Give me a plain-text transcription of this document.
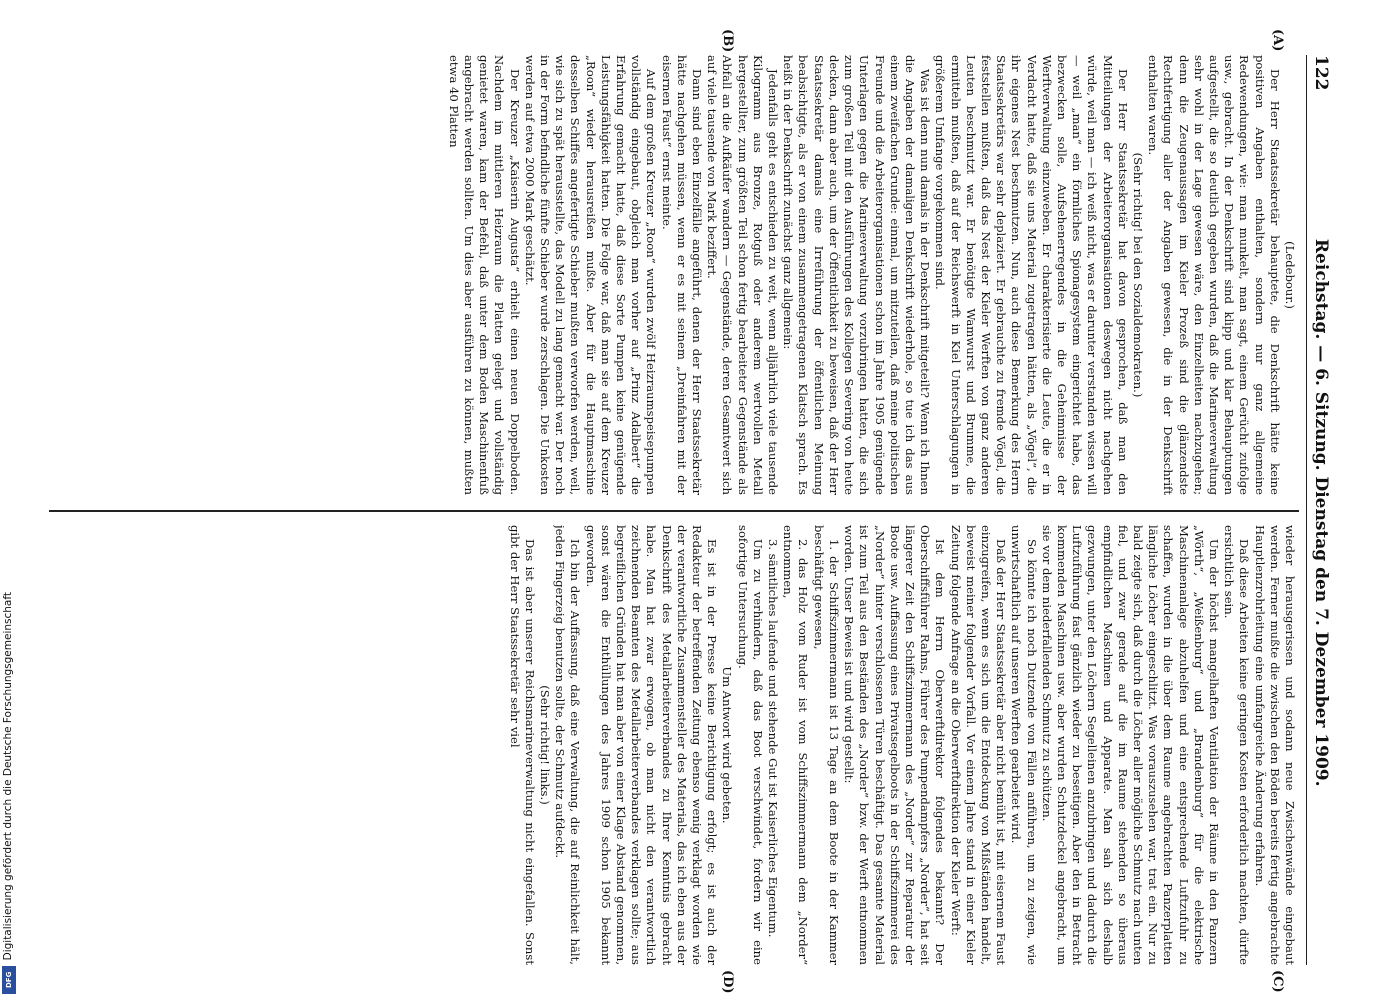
122
Reichstag. — 6. Sitzung. Dienstag den 7. Dezember 1909.

(Ledebour.)

Der Herr Staatssekretär behauptete, die Denkschrift hätte keine positiven Angaben enthalten, sondern nur ganz allgemeine Redewendungen, wie: man munkelt, man sagt, einem Gerücht zufolge usw., gebracht. In der Denkschrift sind klipp und klar Behauptungen aufgestellt, die so deutlich gegeben wurden, daß die Marineverwaltung sehr wohl in der Lage gewesen wäre, den Einzelheiten nachzugehen; denn die Zeugenaussagen im Kieler Prozeß sind die glänzendste Rechtfertigung aller der Angaben gewesen, die in der Denkschrift enthalten waren.

(Sehr richtig! bei den Sozialdemokraten.)

Der Herr Staatssekretär hat davon gesprochen, daß man den Mitteilungen der Arbeiterorganisationen deswegen nicht nachgehen würde, weil man — ich weiß nicht, was er darunter verstanden wissen will — weil „man“ ein förmliches Spionagesystem eingerichtet habe, das bezwecken solle, Aufsehenerregendes in die Geheimnisse der Werftverwaltung einzuweben. Er charakterisierte die Leute, die er in Verdacht hatte, daß sie uns Material zugetragen hätten, als „Vögel“, die ihr eigenes Nest beschmutzen. Nun, auch diese Bemerkung des Herrn Staatssekretärs war sehr deplaziert. Er gebrauchte zu fremde Vögel, die feststellen mußten, daß das Nest der Kieler Werften von ganz anderen Leuten beschmutzt war. Er benötigte Wamwurst und Brumme, die ermitteln mußten, daß auf der Reichswerft in Kiel Unterschlagungen in größerem Umfange vorgekommen sind.

Was ist denn nun damals in der Denkschrift mitgeteilt? Wenn ich Ihnen die Angaben der damaligen Denkschrift wiederhole, so tue ich das aus einem zweifachen Grunde: einmal, um mitzuteilen, daß meine politischen Freunde und die Arbeiterorganisationen schon im Jahre 1905 genügende Unterlagen gegen die Marineverwaltung vorzubringen hatten, die sich zum großen Teil mit den Ausführungen des Kollegen Severing von heute decken, dann aber auch, um der Öffentlichkeit zu beweisen, daß der Herr Staatssekretär damals eine Irreführung der öffentlichen Meinung beabsichtigte, als er von einem zusammengetragenen Klatsch sprach. Es heißt in der Denkschrift zunächst ganz allgemein:

Jedenfalls geht es entschieden zu weit, wenn alljährlich viele tausende Kilogramm aus Bronze, Rotguß oder anderem wertvollen Metall hergestellter, zum größten Teil schon fertig bearbeiteter Gegenstände als Abfall an die Aufkäufer wandern — Gegenstände, deren Gesamtwert sich auf viele tausende von Mark beziffert.

Dann sind eben Einzelfälle angeführt, denen der Herr Staatssekretär hätte nachgehen müssen, wenn er es mit seinem „Dreinfahren mit der eisernen Faust“ ernst meinte.

Auf dem großen Kreuzer „Roon“ wurden zwölf Heizraumspeisepumpen vollständig eingebaut, obgleich man vorher auf „Prinz Adalbert“ die Erfahrung gemacht hatte, daß diese Sorte Pumpen keine genügende Leistungsfähigkeit hatten. Die Folge war, daß man sie auf dem Kreuzer „Roon“ wieder herausreißen mußte. Aber für die Hauptmaschine desselben Schiffes angefertigte Schieber mußten verworfen werden, weil, wie sich zu spät herausstellte, das Modell zu lang gemacht war. Der noch in der Form befindliche fünfte Schieber wurde zerschlagen. Die Unkosten werden auf etwa 2000 Mark geschätzt.

Der Kreuzer „Kaiserin Augusta“ erhielt einen neuen Doppelboden. Nachdem im mittleren Heizraum die Platten gelegt und vollständig genietet waren, kam der Befehl, daß unter dem Boden Maschinenfuß angebracht werden sollten. Um dies aber ausführen zu können, mußten etwa 40 Platten

wieder herausgerissen und sodann neue Zwischenwände eingebaut werden. Ferner mußte die zwischen den Böden bereits fertig angebrachte Hauptlenzrohrleitung eine umfangreiche Änderung erfahren.

Daß diese Arbeiten keine geringen Kosten erforderlich machten, dürfte ersichtlich sein.

Um der höchst mangelhaften Ventilation der Räume in den Panzern „Wörth“, „Weißenburg“ und „Brandenburg“ für die elektrische Maschinenanlage abzuhelfen und eine entsprechende Luftzufuhr zu schaffen, wurden in die über dem Raume angebrachten Panzerplatten längliche Löcher eingeschlitzt. Was vorauszusehen war, trat ein. Nur zu bald zeigte sich, daß durch die Löcher aller mögliche Schmutz nach unten fiel, und zwar gerade auf die im Raume stehenden so überaus empfindlichen Maschinen und Apparate. Man sah sich deshalb gezwungen, unter den Löchern Segelleinen anzubringen und dadurch die Luftzuführung fast gänzlich wieder zu beseitigen. Aber den in Betracht kommenden Maschinen usw. aber wurden Schutzdeckel angebracht, um sie vor dem niederfallenden Schmutz zu schützen.

So könnte ich noch Dutzende von Fällen anführen, um zu zeigen, wie unwirtschaftlich auf unseren Werften gearbeitet wird.

Daß der Herr Staatssekretär aber nicht bemüht ist, mit eisernem Faust einzugreifen, wenn es sich um die Entdeckung von Mißständen handelt, beweist meiner folgender Vorfall. Vor einem Jahre stand in einer Kieler Zeitung folgende Anfrage an die Oberwerftdirektion der Kieler Werft:

Ist dem Herrn Oberwerftdirektor folgendes bekannt? Der Oberschiffsführer Rahns, Führer des Pumpendampfers „Norder“, hat seit längerer Zeit den Schiffszimmermann des „Norder“ zur Reparatur der Boote usw. Auffassung eines Privatsegelboots in der Schiffszimmerei des „Norder“ hinter verschlossenen Türen beschäftigt. Das gesamte Material ist zum Teil aus den Beständen des „Norder“ bzw. der Werft entnommen worden. Unser Beweis ist und wird gestellt:

1. der Schiffszimmermann ist 13 Tage an dem Boote in der Kammer beschäftigt gewesen,

2. das Holz vom Ruder ist vom Schiffszimmermann dem „Norder“ entnommen,

3. sämtliches laufende und stehende Gut ist Kaiserliches Eigentum.

Um zu verhindern, daß das Boot verschwindet, fordern wir eine sofortige Untersuchung.

Um Antwort wird gebeten.

Es ist in der Presse keine Berichtigung erfolgt; es ist auch der Redakteur der betreffenden Zeitung ebenso wenig verklagt worden wie der verantwortliche Zusammensteller des Materials, das ich eben aus der Denkschrift des Metallarbeiterverbandes zu Ihrer Kenntnis gebracht habe. Man hat zwar erwogen, ob man nicht den verantwortlich zeichnenden Beamten des Metallarbeiterverbandes verklagen sollte; aus begreiflichen Gründen hat man aber von einer Klage Abstand genommen, sonst wären die Enthüllungen des Jahres 1909 schon 1905 bekannt geworden.

Ich bin der Auffassung, daß eine Verwaltung, die auf Reinlichkeit hält, jeden Fingerzeig benutzen sollte, der Schmutz aufdeckt.

(Sehr richtig! links.)

Das ist aber unserer Reichsmarineverwaltung nicht eingefallen. Sonst gibt der Herr Staatssekretär sehr viel

(A)
(B)
(C)
(D)
Digitalisierung gefördert durch die Deutsche Forschungsgemeinschaft
DFG
